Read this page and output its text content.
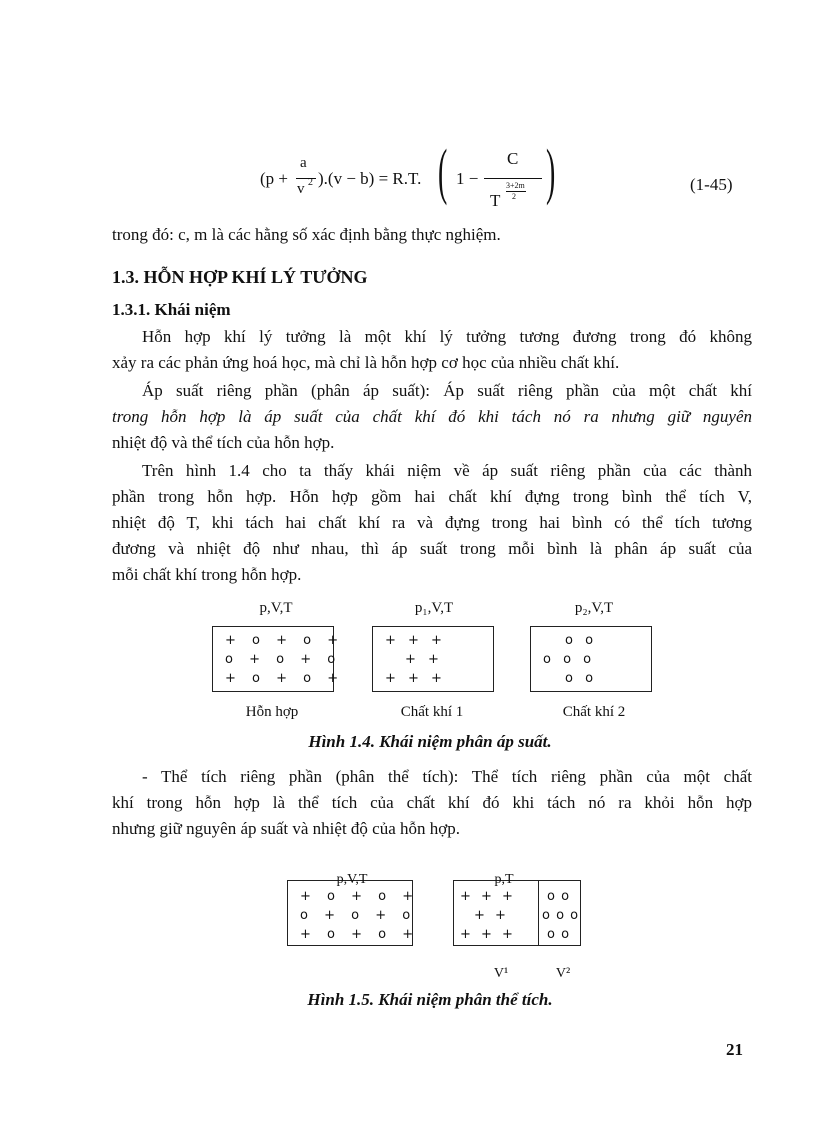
(p +
a
v 2 ).(v − b) = R.T. ( 1 −
C
3+2m
T 2 )	(1-45)
trong đó: c, m là các hằng số xác định bằng thực nghiệm.
1.3. HỖN HỢP KHÍ LÝ TƯỞNG
1.3.1. Khái niệm
Hỗn hợp khí lý tưởng là một khí lý tưởng tương đương trong đó không
xảy ra các phản ứng hoá học, mà chỉ là hỗn hợp cơ học của nhiều chất khí.
Áp suất riêng phần (phân áp suất): Áp suất riêng phần của một chất khí
trong hỗn hợp là áp suất của chất khí đó khi tách nó ra nhưng giữ nguyên
nhiệt độ và thể tích của hỗn hợp.
Trên hình 1.4 cho ta thấy khái niệm về áp suất riêng phần của các thành
phần trong hỗn hợp. Hỗn hợp gồm hai chất khí đựng trong bình thể tích V,
nhiệt độ T, khi tách hai chất khí ra và đựng trong hai bình có thể tích tương
đương và nhiệt độ như nhau, thì áp suất trong mỗi bình là phân áp suất của
mỗi chất khí trong hỗn hợp.
p,V,T	p₁,V,T	p₂,V,T
+ o + o +
o + o + o
+ o + o +
+ + +
+ +
+ + +
o o
o o o
o o
Hỗn hợp	Chất khí 1	Chất khí 2
Hình 1.4. Khái niệm phân áp suất.
- Thể tích riêng phần (phân thể tích): Thể tích riêng phần của một chất
khí trong hỗn hợp là thể tích của chất khí đó khi tách nó ra khỏi hỗn hợp
nhưng giữ nguyên áp suất và nhiệt độ của hỗn hợp.
p,V,T
+ o + o +
o + o + o
+ o + o +
p,T
+ + +
+ +
+ + +
o o
o o o
o o
V¹	V²
Hình 1.5. Khái niệm phân thể tích.
21
